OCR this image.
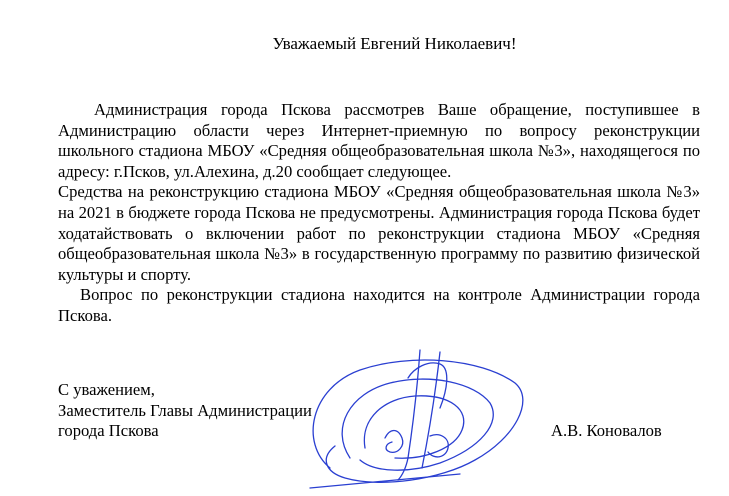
Уважаемый Евгений Николаевич!

Администрация города Пскова рассмотрев Ваше обращение, поступившее в Администрацию области через Интернет-приемную по вопросу реконструкции школьного стадиона МБОУ «Средняя общеобразовательная школа №3», находящегося по адресу: г.Псков, ул.Алехина, д.20 сообщает следующее.

Средства на реконструкцию стадиона МБОУ «Средняя общеобразовательная школа №3» на 2021 в бюджете города Пскова не предусмотрены. Администрация города Пскова будет ходатайствовать о включении работ по реконструкции стадиона МБОУ «Средняя общеобразовательная школа №3» в государственную программу по развитию физической культуры и спорту.

Вопрос по реконструкции стадиона находится на контроле Администрации города Пскова.

С уважением,
Заместитель Главы Администрации
города Пскова	А.В. Коновалов
